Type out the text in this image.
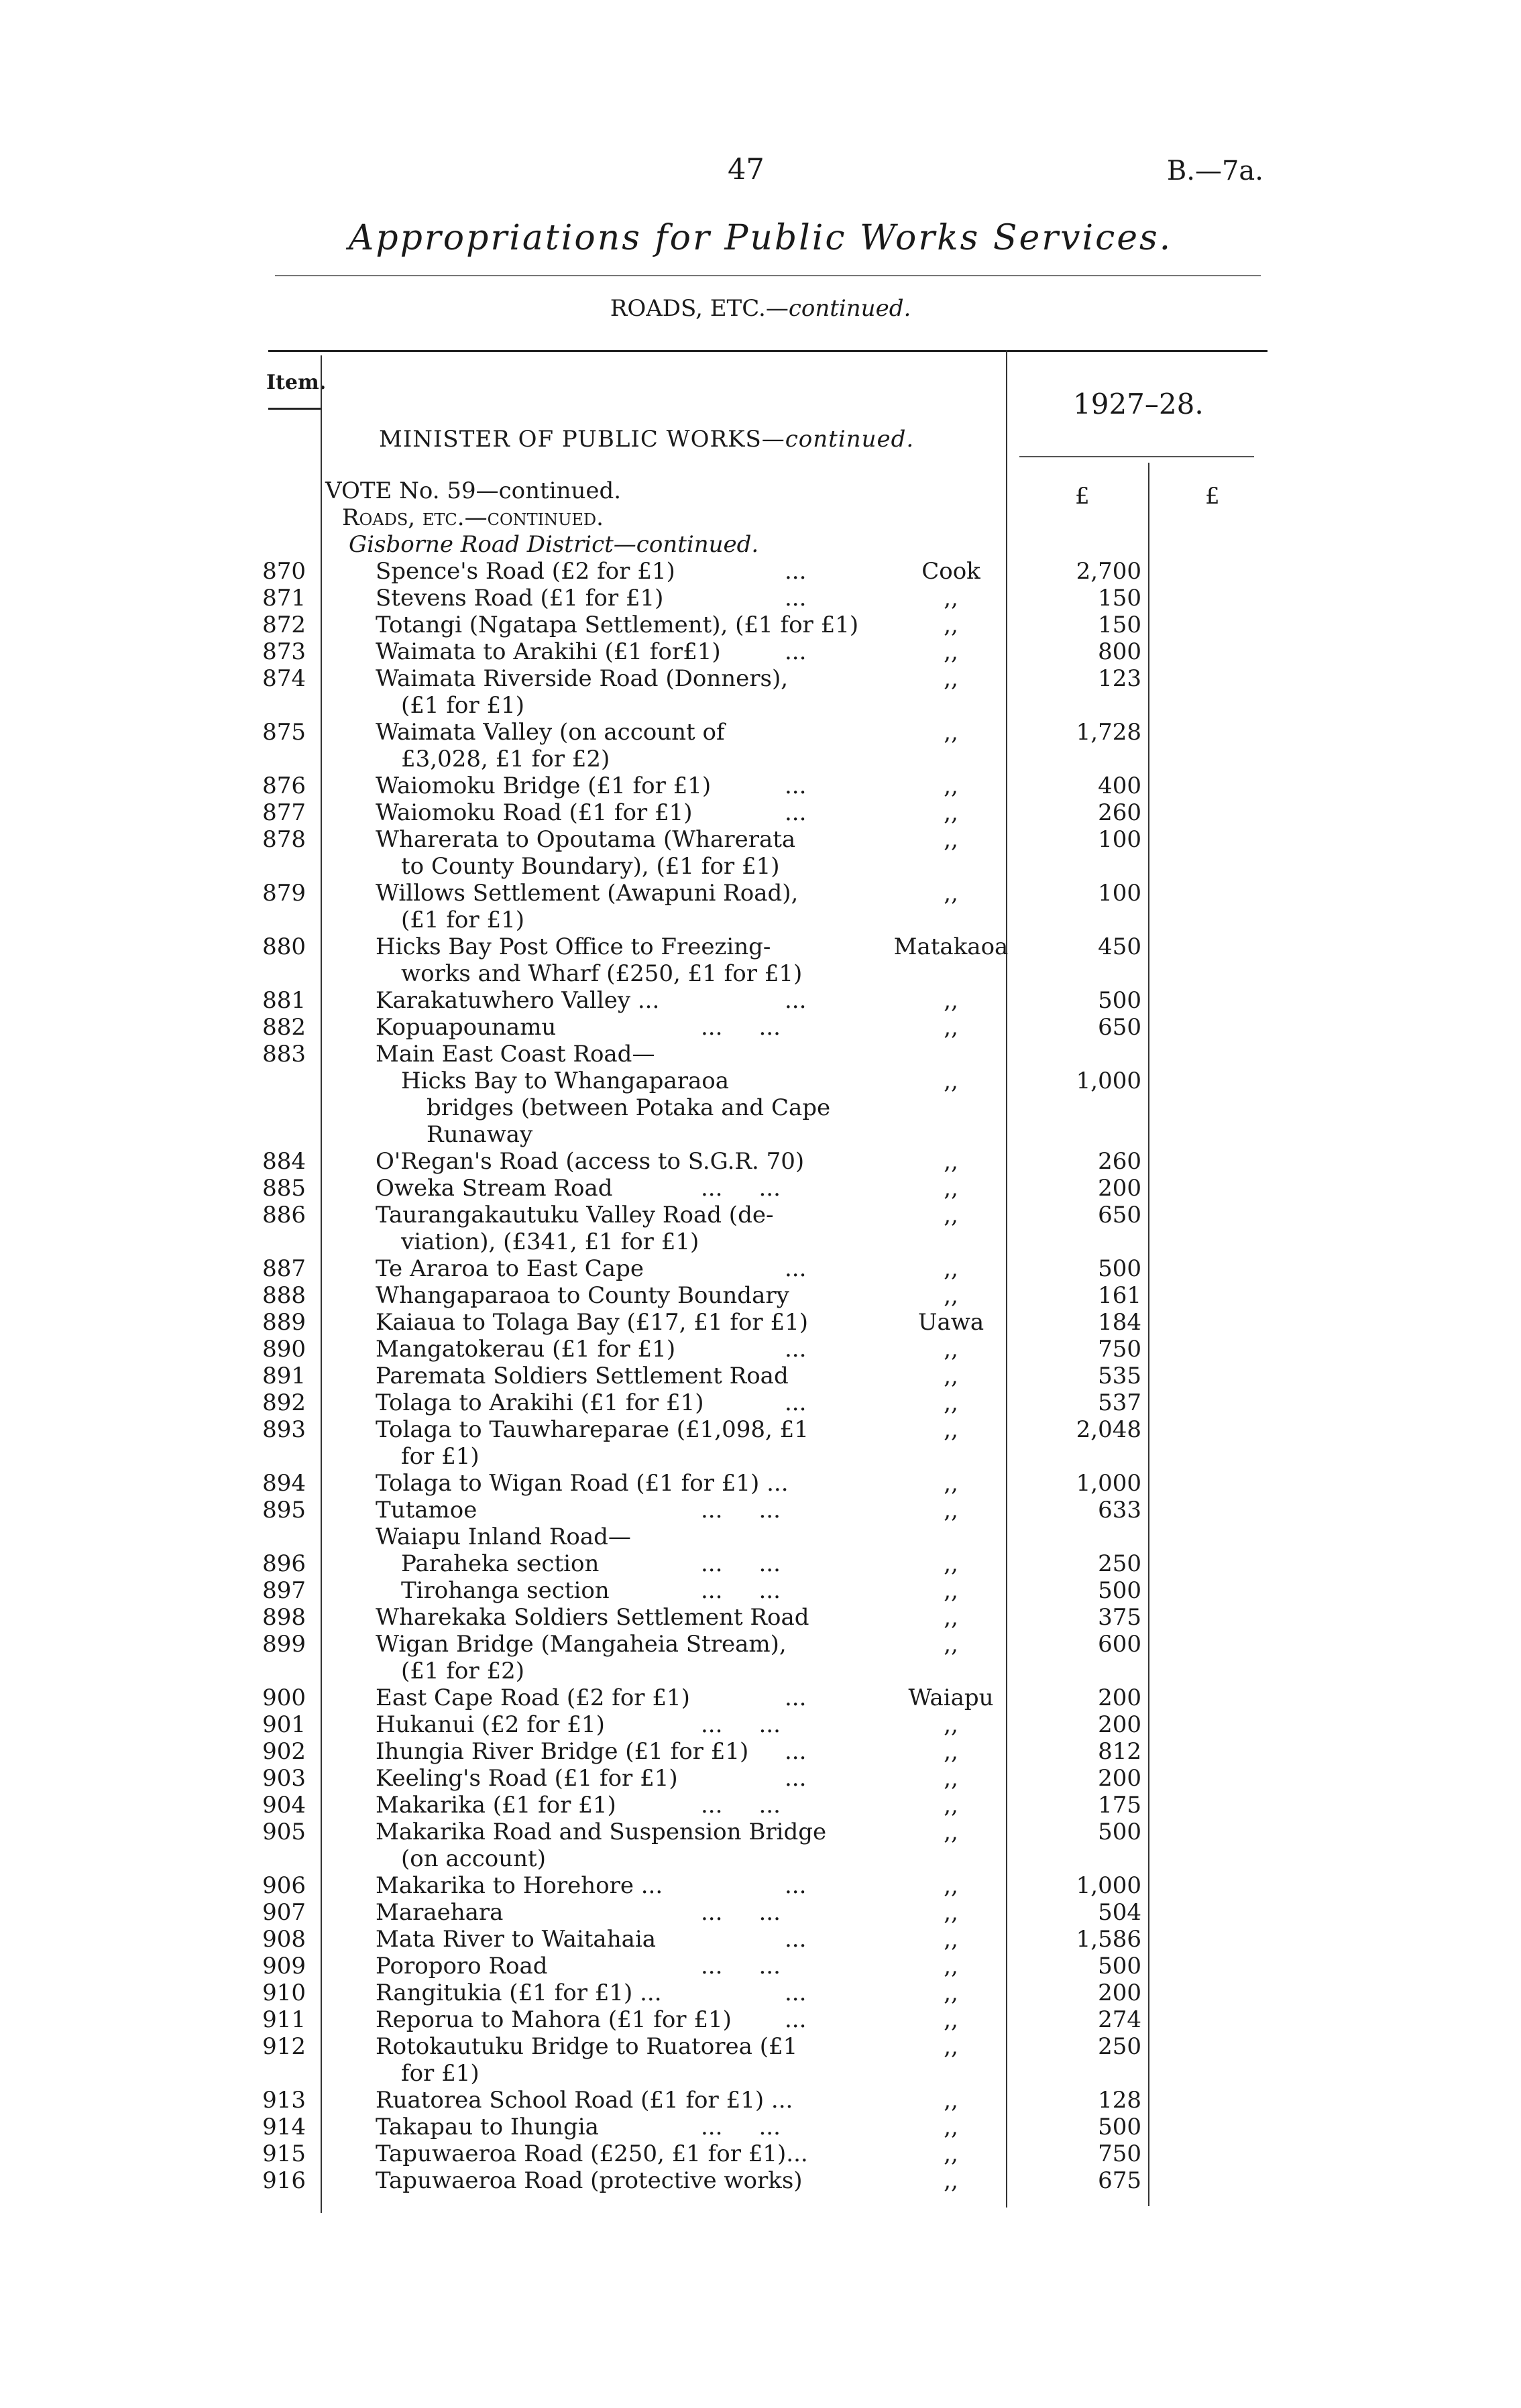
47	B.—7a.
Appropriations for Public Works Services.
ROADS, ETC.—continued.
Item.
1927–28.
£	£
MINISTER OF PUBLIC WORKS—continued.
VOTE No. 59—continued.
Roads, etc.—continued.
Gisborne Road District—continued.
870	Spence's Road (£2 for £1)	...	Cook	2,700
871	Stevens Road (£1 for £1)	...	,,	150
872	Totangi (Ngatapa Settlement), (£1 for £1)	,,	150
873	Waimata to Arakihi (£1 for£1)	...	,,	800
874	Waimata Riverside Road (Donners),	,,	123
(£1 for £1)
875	Waimata Valley (on account of	,,	1,728
£3,028, £1 for £2)
876	Waiomoku Bridge (£1 for £1)	...	,,	400
877	Waiomoku Road (£1 for £1)	...	,,	260
878	Wharerata to Opoutama (Wharerata	,,	100
to County Boundary), (£1 for £1)
879	Willows Settlement (Awapuni Road),	,,	100
(£1 for £1)
880	Hicks Bay Post Office to Freezing-	Matakaoa	450
works and Wharf (£250, £1 for £1)
881	Karakatuwhero Valley ...	...	,,	500
882	Kopuapounamu	...     ...	,,	650
883	Main East Coast Road—
Hicks Bay to Whangaparaoa	,,	1,000
bridges (between Potaka and Cape
Runaway
884	O'Regan's Road (access to S.G.R. 70)	,,	260
885	Oweka Stream Road	...     ...	,,	200
886	Taurangakautuku Valley Road (de-	,,	650
viation), (£341, £1 for £1)
887	Te Araroa to East Cape	...	,,	500
888	Whangaparaoa to County Boundary	,,	161
889	Kaiaua to Tolaga Bay (£17, £1 for £1)	Uawa	184
890	Mangatokerau (£1 for £1)	...	,,	750
891	Paremata Soldiers Settlement Road	,,	535
892	Tolaga to Arakihi (£1 for £1)	...	,,	537
893	Tolaga to Tauwhareparae (£1,098, £1	,,	2,048
for £1)
894	Tolaga to Wigan Road (£1 for £1) ...	,,	1,000
895	Tutamoe	...     ...	,,	633
Waiapu Inland Road—
896	Paraheka section	...     ...	,,	250
897	Tirohanga section	...     ...	,,	500
898	Wharekaka Soldiers Settlement Road	,,	375
899	Wigan Bridge (Mangaheia Stream),	,,	600
(£1 for £2)
900	East Cape Road (£2 for £1)	...	Waiapu	200
901	Hukanui (£2 for £1)	...     ...	,,	200
902	Ihungia River Bridge (£1 for £1) ...	,,	812
903	Keeling's Road (£1 for £1)	...	,,	200
904	Makarika (£1 for £1)	...     ...	,,	175
905	Makarika Road and Suspension Bridge	,,	500
(on account)
906	Makarika to Horehore ...	...	,,	1,000
907	Maraehara	...     ...	,,	504
908	Mata River to Waitahaia	...	,,	1,586
909	Poroporo Road	...     ...	,,	500
910	Rangitukia (£1 for £1) ...	...	,,	200
911	Reporua to Mahora (£1 for £1) ...	,,	274
912	Rotokautuku Bridge to Ruatorea (£1	,,	250
for £1)
913	Ruatorea School Road (£1 for £1) ...	,,	128
914	Takapau to Ihungia	...     ...	,,	500
915	Tapuwaeroa Road (£250, £1 for £1)...	,,	750
916	Tapuwaeroa Road (protective works)	,,	675
